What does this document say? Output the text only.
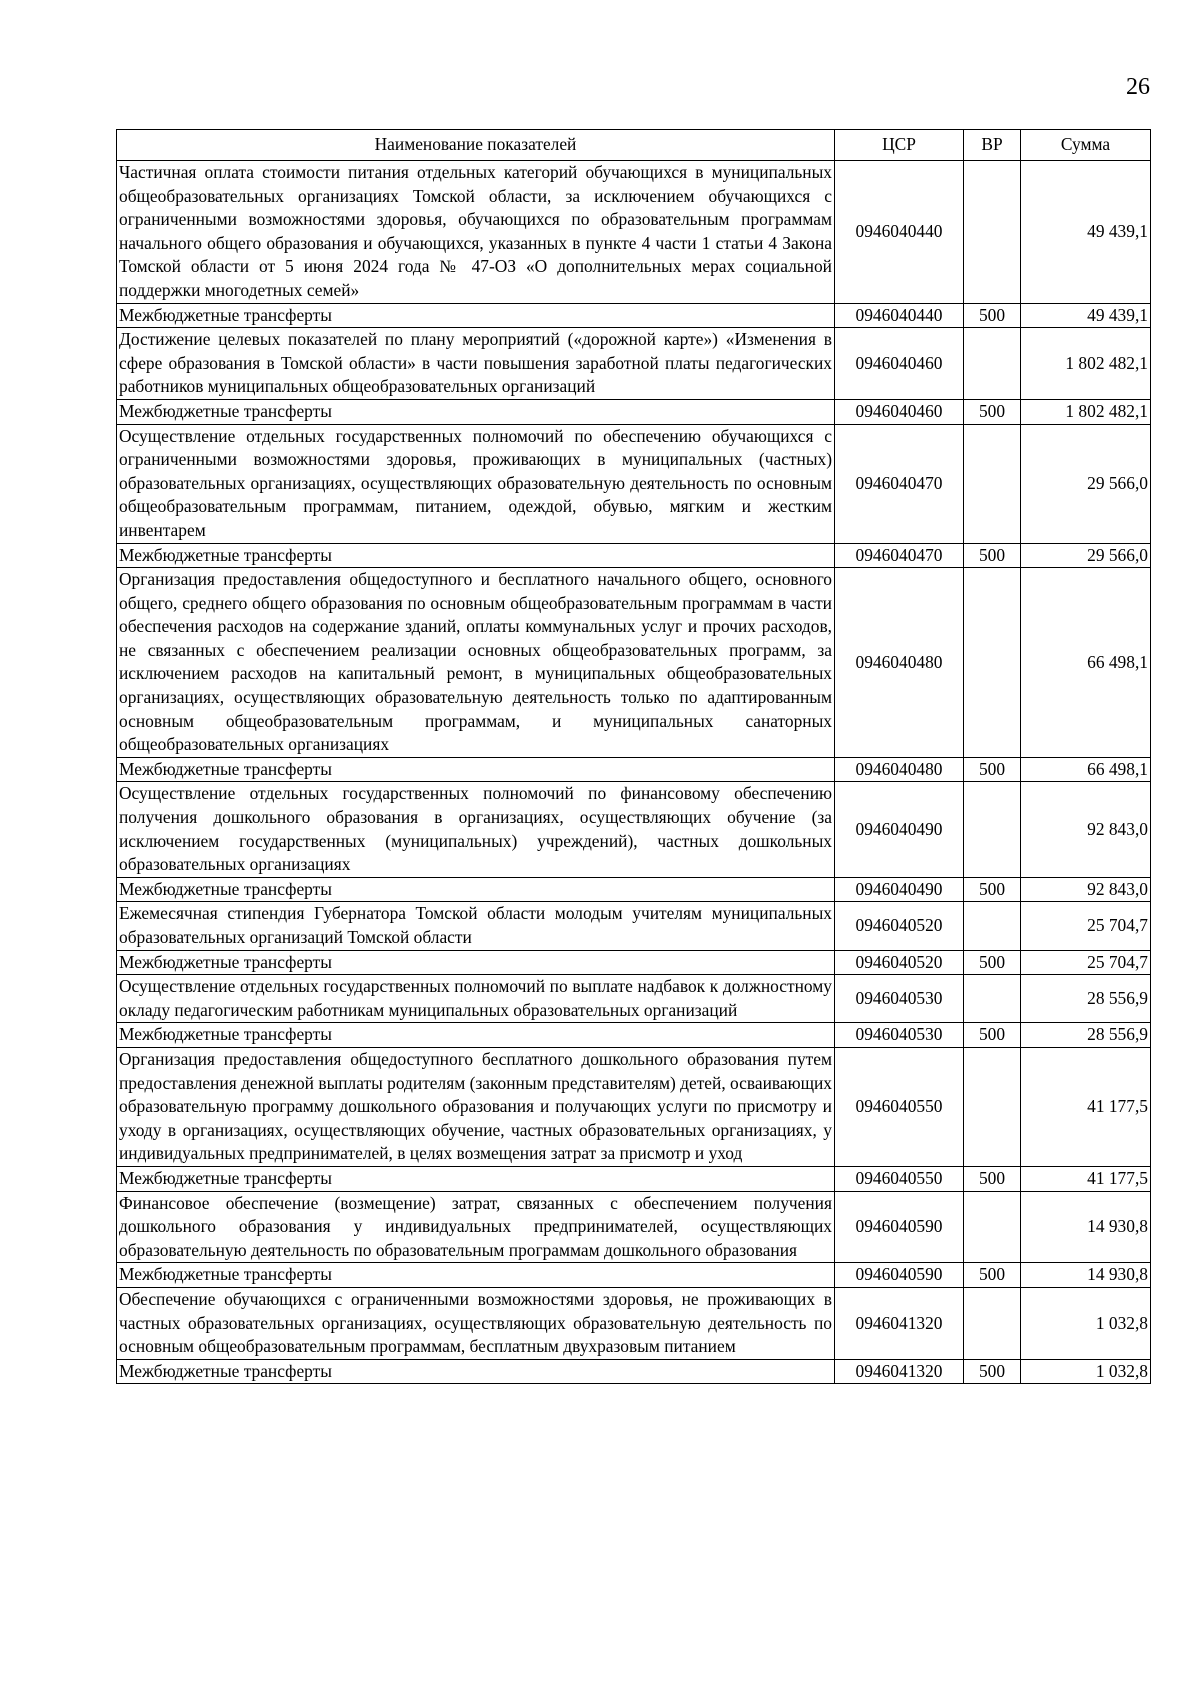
26
Наименование показателей	ЦСР	ВР	Сумма
Частичная оплата стоимости питания отдельных категорий обучающихся в муниципальных общеобразовательных организациях Томской области, за исключением обучающихся с ограниченными возможностями здоровья, обучающихся по образовательным программам начального общего образования и обучающихся, указанных в пункте 4 части 1 статьи 4 Закона Томской области от 5 июня 2024 года № 47-ОЗ «О дополнительных мерах социальной поддержки многодетных семей»	0946040440		49 439,1
Межбюджетные трансферты	0946040440	500	49 439,1
Достижение целевых показателей по плану мероприятий («дорожной карте») «Изменения в сфере образования в Томской области» в части повышения заработной платы педагогических работников муниципальных общеобразовательных организаций	0946040460		1 802 482,1
Межбюджетные трансферты	0946040460	500	1 802 482,1
Осуществление отдельных государственных полномочий по обеспечению обучающихся с ограниченными возможностями здоровья, проживающих в муниципальных (частных) образовательных организациях, осуществляющих образовательную деятельность по основным общеобразовательным программам, питанием, одеждой, обувью, мягким и жестким инвентарем	0946040470		29 566,0
Межбюджетные трансферты	0946040470	500	29 566,0
Организация предоставления общедоступного и бесплатного начального общего, основного общего, среднего общего образования по основным общеобразовательным программам в части обеспечения расходов на содержание зданий, оплаты коммунальных услуг и прочих расходов, не связанных с обеспечением реализации основных общеобразовательных программ, за исключением расходов на капитальный ремонт, в муниципальных общеобразовательных организациях, осуществляющих образовательную деятельность только по адаптированным основным общеобразовательным программам, и муниципальных санаторных общеобразовательных организациях	0946040480		66 498,1
Межбюджетные трансферты	0946040480	500	66 498,1
Осуществление отдельных государственных полномочий по финансовому обеспечению получения дошкольного образования в организациях, осуществляющих обучение (за исключением государственных (муниципальных) учреждений), частных дошкольных образовательных организациях	0946040490		92 843,0
Межбюджетные трансферты	0946040490	500	92 843,0
Ежемесячная стипендия Губернатора Томской области молодым учителям муниципальных образовательных организаций Томской области	0946040520		25 704,7
Межбюджетные трансферты	0946040520	500	25 704,7
Осуществление отдельных государственных полномочий по выплате надбавок к должностному окладу педагогическим работникам муниципальных образовательных организаций	0946040530		28 556,9
Межбюджетные трансферты	0946040530	500	28 556,9
Организация предоставления общедоступного бесплатного дошкольного образования путем предоставления денежной выплаты родителям (законным представителям) детей, осваивающих образовательную программу дошкольного образования и получающих услуги по присмотру и уходу в организациях, осуществляющих обучение, частных образовательных организациях, у индивидуальных предпринимателей, в целях возмещения затрат за присмотр и уход	0946040550		41 177,5
Межбюджетные трансферты	0946040550	500	41 177,5
Финансовое обеспечение (возмещение) затрат, связанных с обеспечением получения дошкольного образования у индивидуальных предпринимателей, осуществляющих образовательную деятельность по образовательным программам дошкольного образования	0946040590		14 930,8
Межбюджетные трансферты	0946040590	500	14 930,8
Обеспечение обучающихся с ограниченными возможностями здоровья, не проживающих в частных образовательных организациях, осуществляющих образовательную деятельность по основным общеобразовательным программам, бесплатным двухразовым питанием	0946041320		1 032,8
Межбюджетные трансферты	0946041320	500	1 032,8
